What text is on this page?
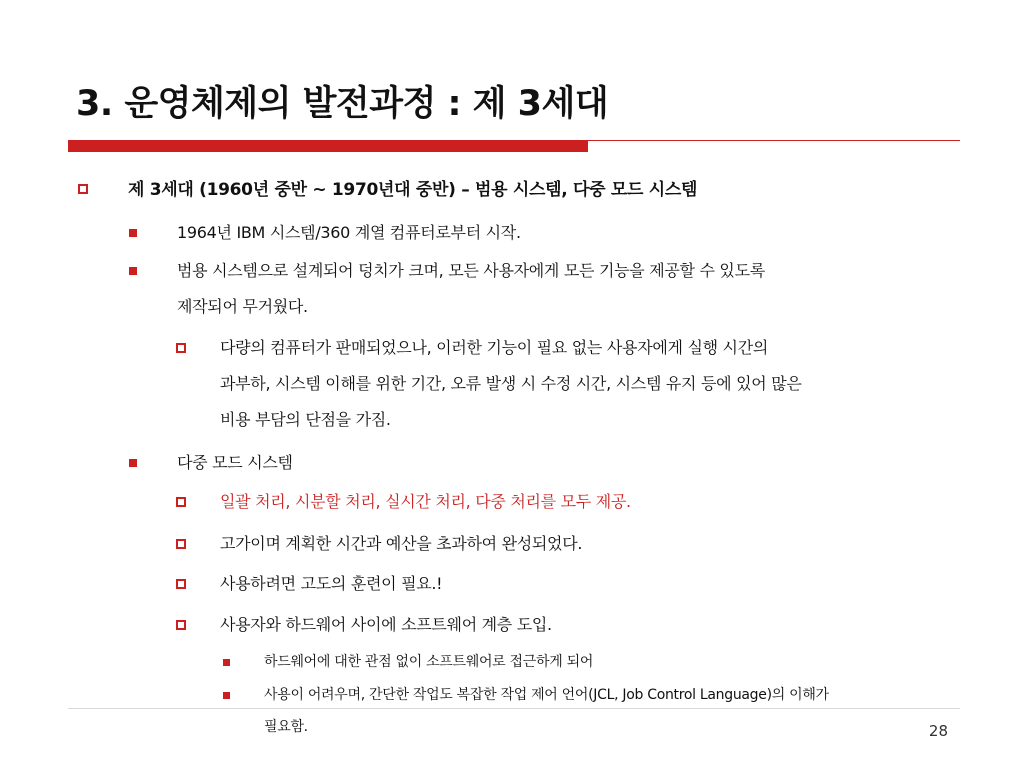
3. 운영체제의 발전과정 : 제 3세대
제 3세대 (1960년 중반 ~ 1970년대 중반) – 범용 시스템, 다중 모드 시스템
1964년 IBM 시스템/360 계열 컴퓨터로부터 시작.
범용 시스템으로 설계되어 덩치가 크며, 모든 사용자에게 모든 기능을 제공할 수 있도록
제작되어 무거웠다.
다량의 컴퓨터가 판매되었으나, 이러한 기능이 필요 없는 사용자에게 실행 시간의
과부하, 시스템 이해를 위한 기간, 오류 발생 시 수정 시간, 시스템 유지 등에 있어 많은
비용 부담의 단점을 가짐.
다중 모드 시스템
일괄 처리, 시분할 처리, 실시간 처리, 다중 처리를 모두 제공.
고가이며 계획한 시간과 예산을 초과하여 완성되었다.
사용하려면 고도의 훈련이 필요.!
사용자와 하드웨어 사이에 소프트웨어 계층 도입.
하드웨어에 대한 관점 없이 소프트웨어로 접근하게 되어
사용이 어려우며, 간단한 작업도 복잡한 작업 제어 언어(JCL, Job Control Language)의 이해가
필요함.	28
